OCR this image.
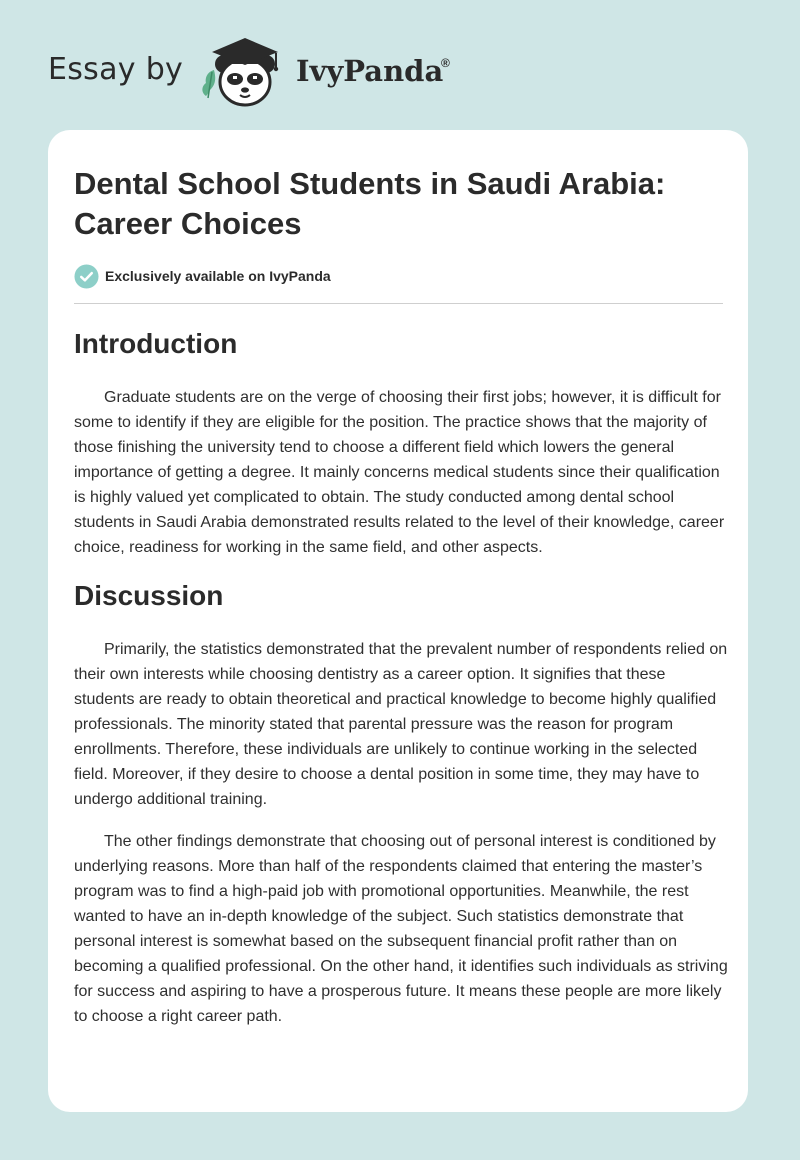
Essay by	IvyPanda
®
Dental School Students in Saudi Arabia: Career Choices
Exclusively available on IvyPanda
Introduction

Graduate students are on the verge of choosing their first jobs; however, it is difficult for some to identify if they are eligible for the position. The practice shows that the majority of those finishing the university tend to choose a different field which lowers the general importance of getting a degree. It mainly concerns medical students since their qualification is highly valued yet complicated to obtain. The study conducted among dental school students in Saudi Arabia demonstrated results related to the level of their knowledge, career choice, readiness for working in the same field, and other aspects.

Discussion

Primarily, the statistics demonstrated that the prevalent number of respondents relied on their own interests while choosing dentistry as a career option. It signifies that these students are ready to obtain theoretical and practical knowledge to become highly qualified professionals. The minority stated that parental pressure was the reason for program enrollments. Therefore, these individuals are unlikely to continue working in the selected field. Moreover, if they desire to choose a dental position in some time, they may have to undergo additional training.

The other findings demonstrate that choosing out of personal interest is conditioned by underlying reasons. More than half of the respondents claimed that entering the master’s program was to find a high-paid job with promotional opportunities. Meanwhile, the rest wanted to have an in-depth knowledge of the subject. Such statistics demonstrate that personal interest is somewhat based on the subsequent financial profit rather than on becoming a qualified professional. On the other hand, it identifies such individuals as striving for success and aspiring to have a prosperous future. It means these people are more likely to choose a right career path.
